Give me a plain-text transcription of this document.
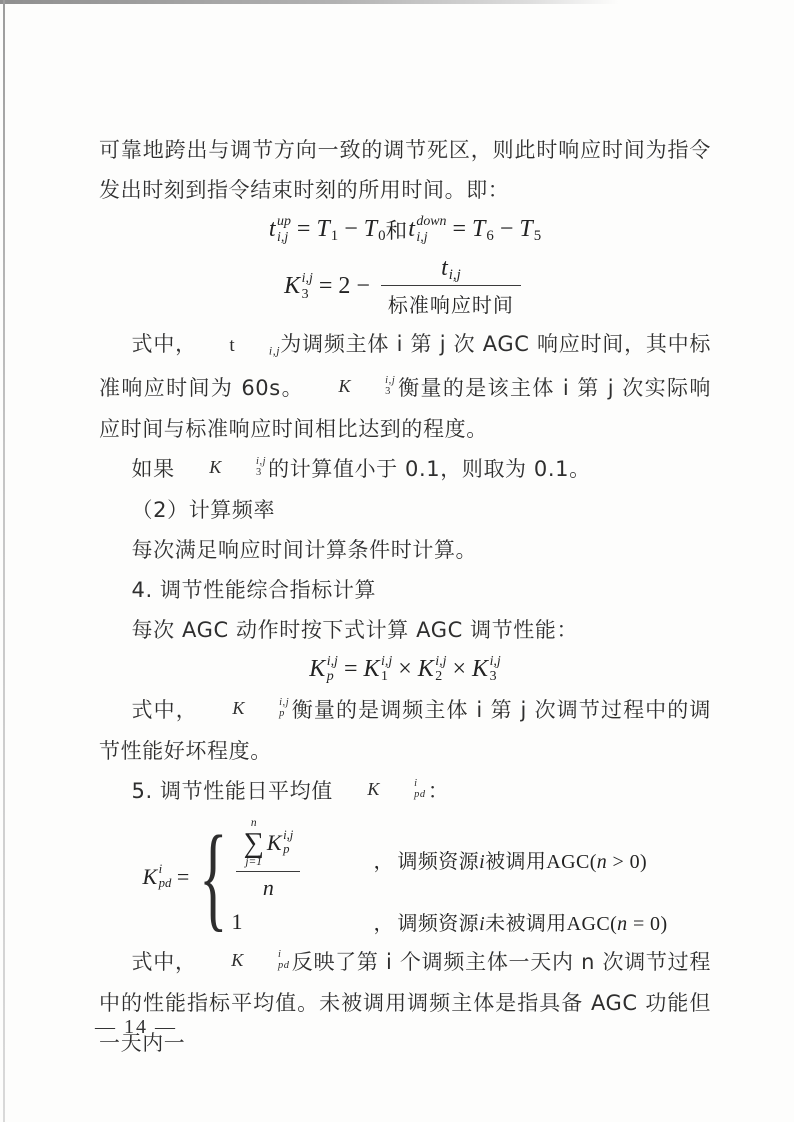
可靠地跨出与调节方向一致的调节死区，则此时响应时间为指令发出时刻到指令结束时刻的所用时间。即：

t up
i,j = T 1 − T 0 和 t down
i,j = T 6 − T 5
K i,j
$3 = 2 - \frac{\text{t i,j}}{\text{标准响应时间}}$

式中，	t	i,j 为调频主体 i 第 j 次 AGC 响应时间，其中标准响应时间为 60s。	K	i,j
3 衡量的是该主体 i 第 j 次实际响应时间与标准响应时间相比达到的程度。

如果	K	i,j
3 的计算值小于 0.1，则取为 0.1。

（2）计算频率

每次满足响应时间计算条件时计算。

4. 调节性能综合指标计算

每次 AGC 动作时按下式计算 AGC 调节性能：

K i,j
p = K i,j
1 × K i,j
2 × K i,j
3

式中，	K	i,j
p 衡量的是调频主体 i 第 j 次调节过程中的调节性能好坏程度。

5. 调节性能日平均值	K	i
pd ：

K i
pd = { n
∑
j=1
K i,j
p
n	， 调频资源 i 被调用AGC( n > 0)
1	， 调频资源 i 未被调用AGC( n = 0)

式中，	K	i
pd 反映了第 i 个调频主体一天内 n 次调节过程中的性能指标平均值。未被调用调频主体是指具备 AGC 功能但一天内一

— 14 —
